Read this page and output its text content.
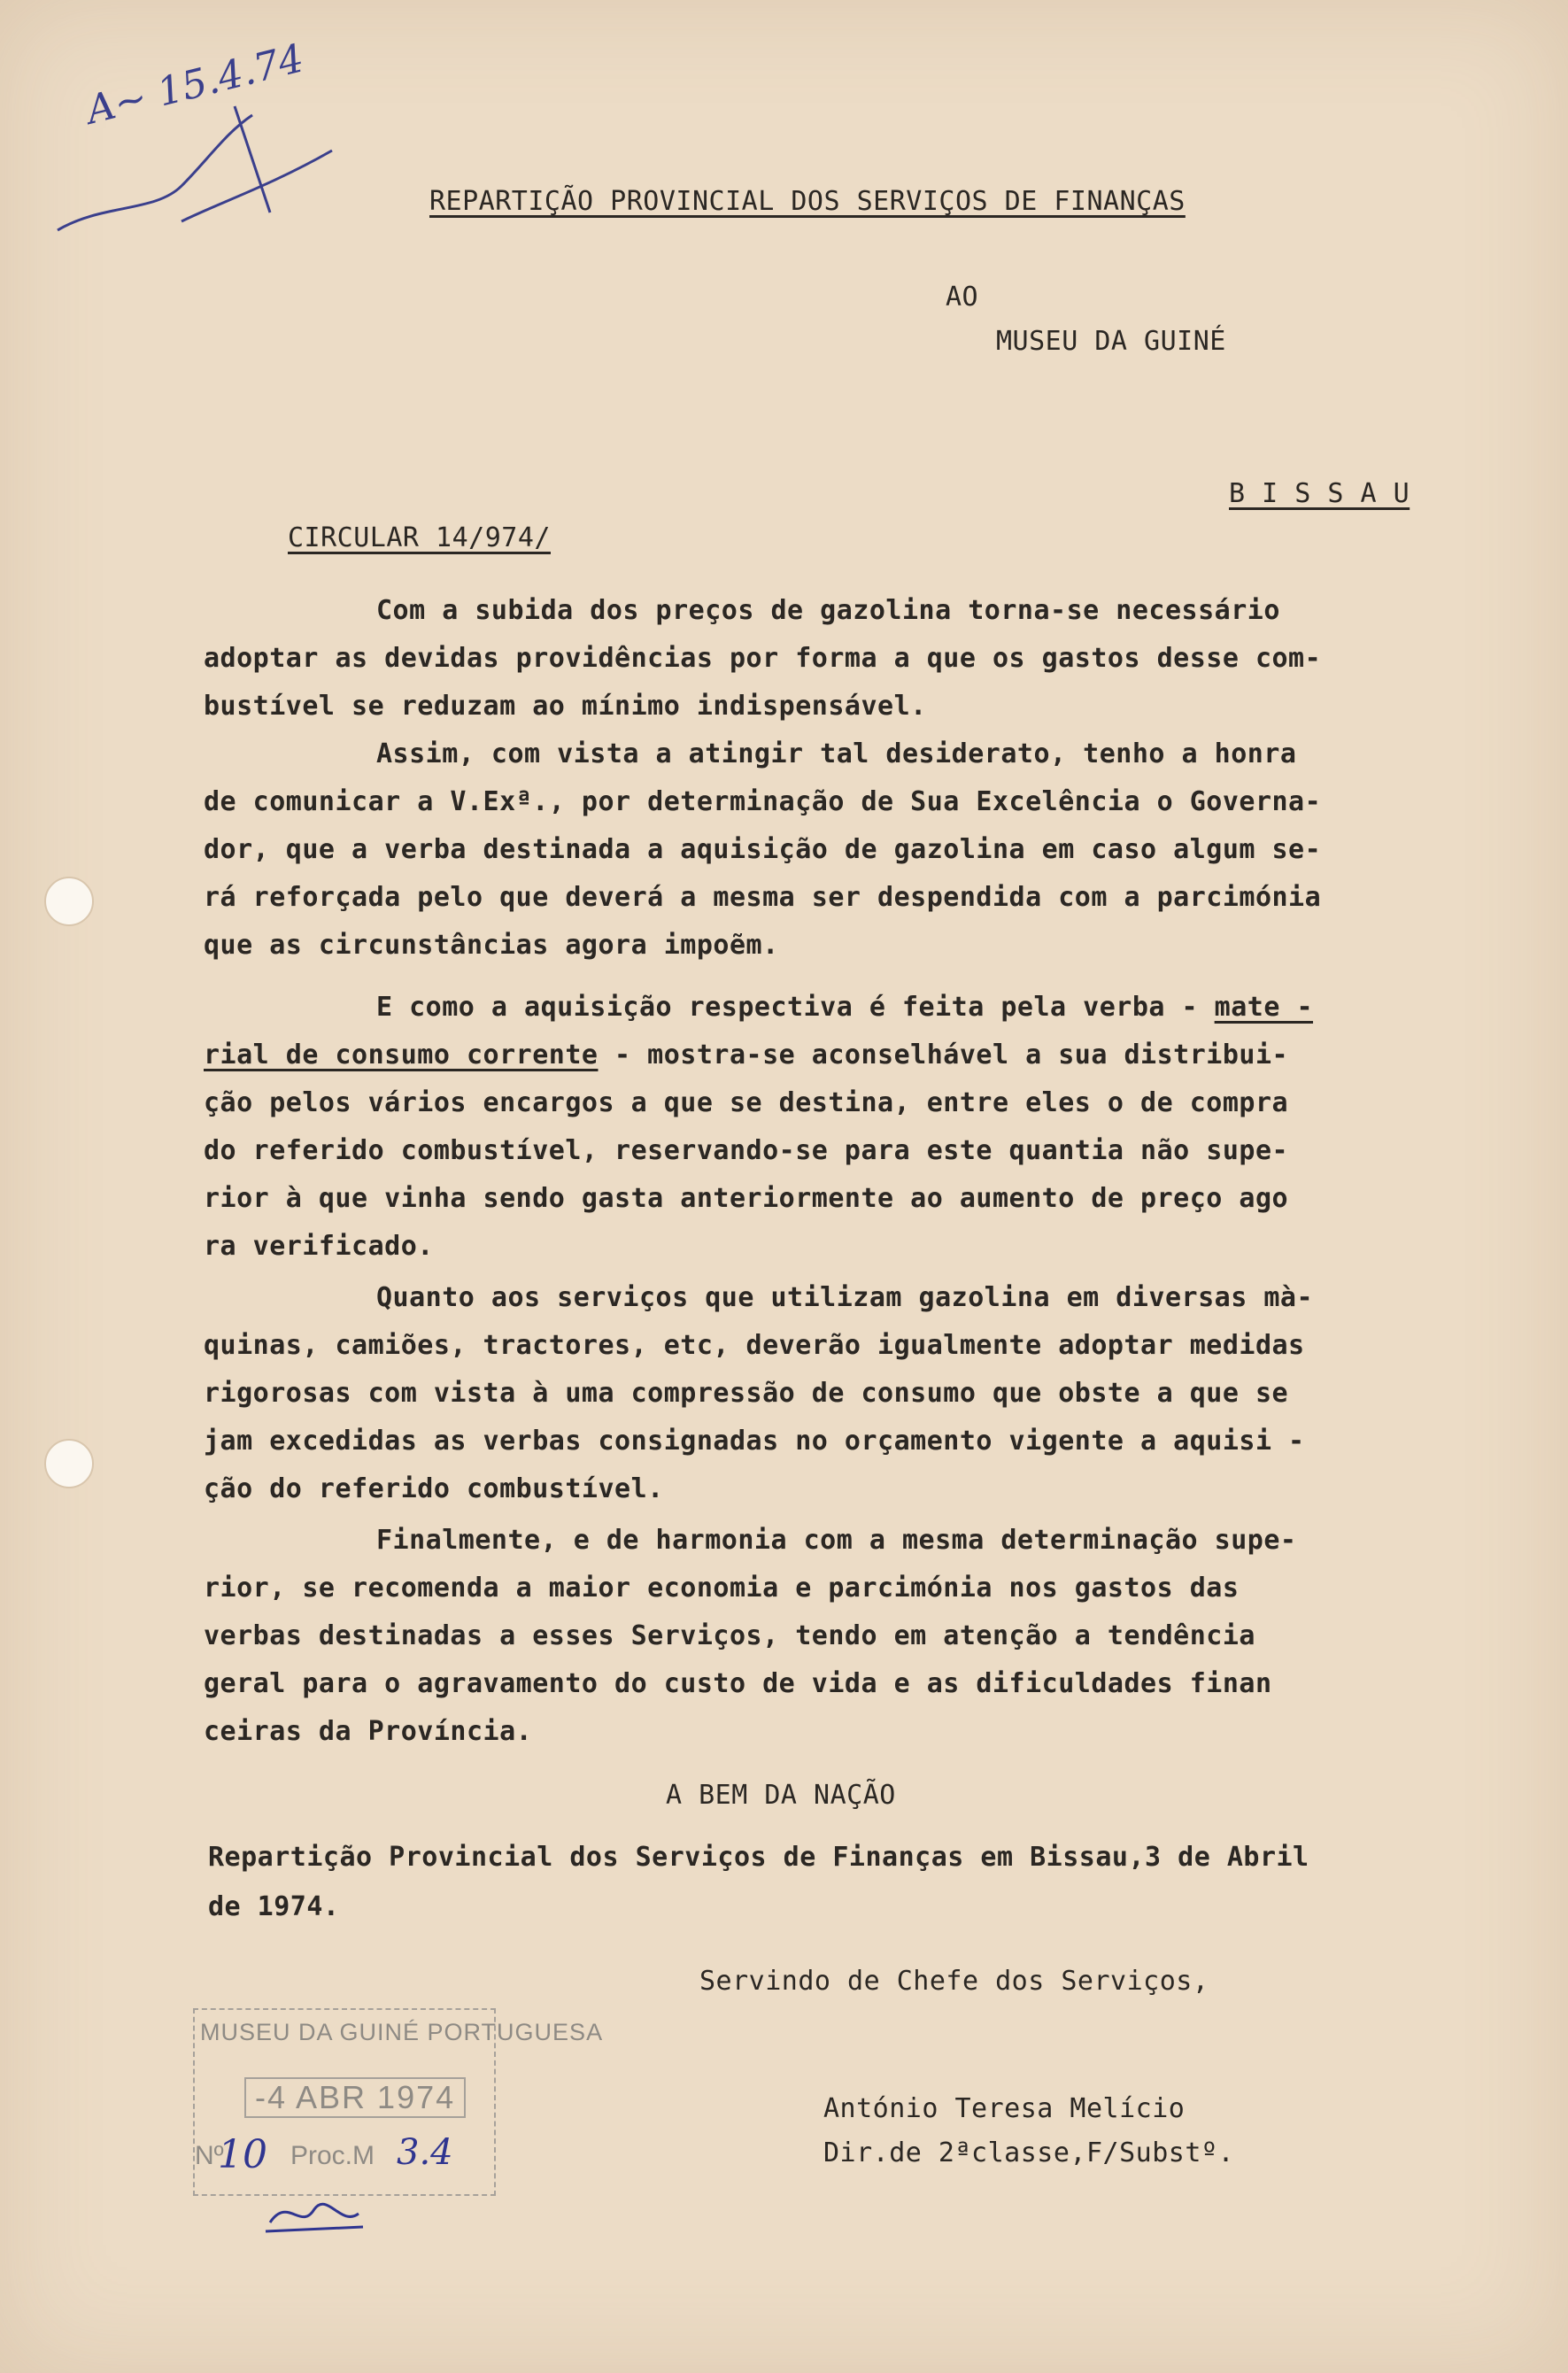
A~ 15.4.74
REPARTIÇÃO PROVINCIAL DOS SERVIÇOS DE FINANÇAS
AO
MUSEU DA GUINÉ
B I S S A U
CIRCULAR 14/974/
Com a subida dos preços de gazolina torna-se necessário
adoptar as devidas providências por forma a que os gastos desse com-
bustível se reduzam ao mínimo indispensável.
Assim, com vista a atingir tal desiderato, tenho a honra
de comunicar a V.Exª., por determinação de Sua Excelência o Governa-
dor, que a verba destinada a aquisição de gazolina em caso algum se-
rá reforçada pelo que deverá a mesma ser despendida com a parcimónia
que as circunstâncias agora impoẽm.
E como a aquisição respectiva é feita pela verba - mate -
rial de consumo corrente - mostra-se aconselhável a sua distribui-
ção pelos vários encargos a que se destina, entre eles o de compra
do referido combustível, reservando-se para este quantia não supe-
rior à que vinha sendo gasta anteriormente ao aumento de preço ago
ra verificado.
Quanto aos serviços que utilizam gazolina em diversas mà-
quinas, camiões, tractores, etc, deverão igualmente adoptar medidas
rigorosas com vista à uma compressão de consumo que obste a que se
jam excedidas as verbas consignadas no orçamento vigente a aquisi -
ção do referido combustível.
Finalmente, e de harmonia com a mesma determinação supe-
rior, se recomenda a maior economia e parcimónia nos gastos das
verbas destinadas a esses Serviços, tendo em atenção a tendência
geral para o agravamento do custo de vida e as dificuldades finan
ceiras da Província.
A BEM DA NAÇÃO
Repartição Provincial dos Serviços de Finanças em Bissau,3 de Abril
de 1974.
Servindo de Chefe dos Serviços,
António Teresa Melício
Dir.de 2ªclasse,F/Substº.
MUSEU DA GUINÉ PORTUGUESA
-4 ABR 1974
Nº
10 Proc.M 3.4
